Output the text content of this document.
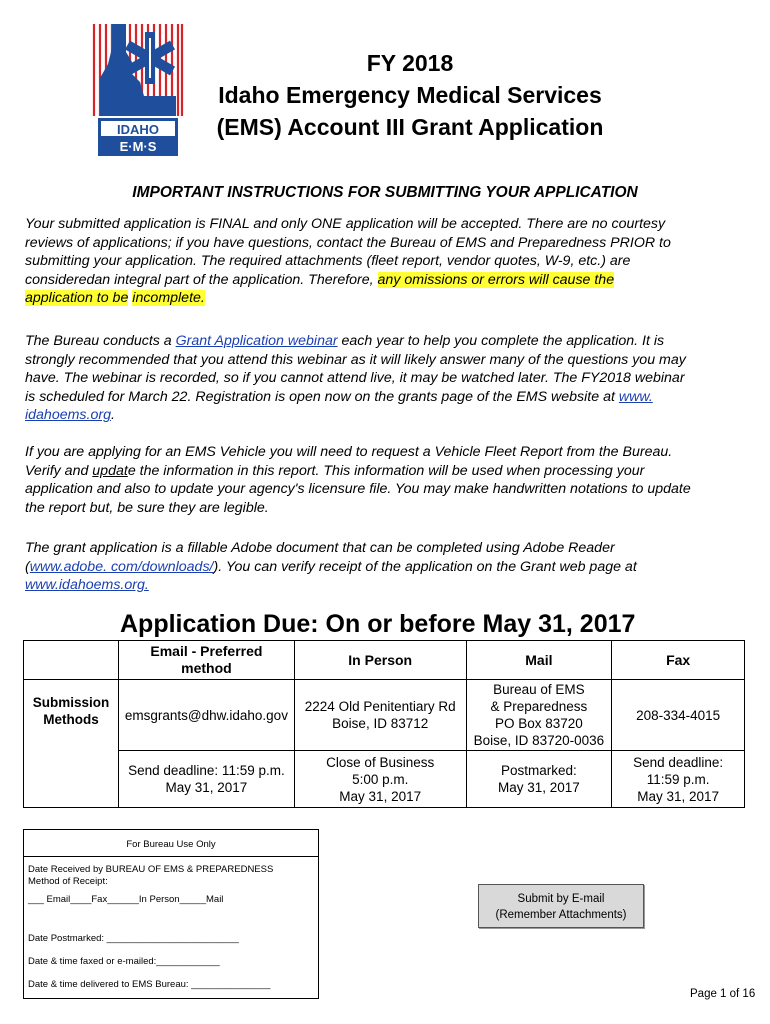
IDAHO
E·M·S
FY 2018
Idaho Emergency Medical Services
(EMS) Account III Grant Application
IMPORTANT INSTRUCTIONS FOR SUBMITTING YOUR APPLICATION

Your submitted application is FINAL and only ONE application will be accepted. There are no courtesy

reviews of applications; if you have questions, contact the Bureau of EMS and Preparedness PRIOR to

submitting your application. The required attachments (fleet report, vendor quotes, W-9, etc.) are

consideredan integral part of the application. Therefore, any omissions or errors will cause the

application to be incomplete.

The Bureau conducts a Grant Application webinar each year to help you complete the application. It is

strongly recommended that you attend this webinar as it will likely answer many of the questions you may

have. The webinar is recorded, so if you cannot attend live, it may be watched later. The FY2018 webinar

is scheduled for March 22. Registration is open now on the grants page of the EMS website at www.

idahoems.org.

If you are applying for an EMS Vehicle you will need to request a Vehicle Fleet Report from the Bureau.

Verify and update the information in this report. This information will be used when processing your

application and also to update your agency's licensure file. You may make handwritten notations to update

the report but, be sure they are legible.

The grant application is a fillable Adobe document that can be completed using Adobe Reader

(www.adobe. com/downloads/). You can verify receipt of the application on the Grant web page at

www.idahoems.org.

Application Due: On or before May 31, 2017
	Email - Preferred
method	In Person	Mail	Fax
Submission
Methods	emsgrants@dhw.idaho.gov	2224 Old Penitentiary Rd
Boise, ID 83712	Bureau of EMS
& Preparedness
PO Box 83720
Boise, ID 83720-0036	208-334-4015
	Send deadline: 11:59 p.m.
May 31, 2017	Close of Business
5:00 p.m.
May 31, 2017	Postmarked:
May 31, 2017	Send deadline:
11:59 p.m.
May 31, 2017
For Bureau Use Only
Date Received by BUREAU OF EMS & PREPAREDNESS
Method of Receipt:
___ Email____Fax______In Person_____Mail
Date Postmarked: _________________________
Date & time faxed or e-mailed:____________
Date & time delivered to EMS Bureau: _______________
Submit by E-mail
(Remember Attachments)
Page 1 of 16
